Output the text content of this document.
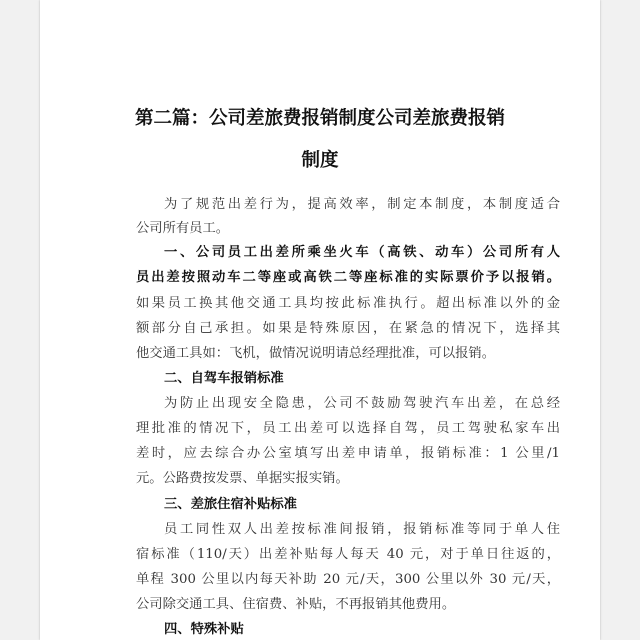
第二篇：公司差旅费报销制度公司差旅费报销
制度
为了规范出差行为，提高效率，制定本制度，本制度适合
公司所有员工。
一、公司员工出差所乘坐火车（高铁、动车）公司所有人
员出差按照动车二等座或高铁二等座标准的实际票价予以报销。
如果员工换其他交通工具均按此标准执行。超出标准以外的金
额部分自己承担。如果是特殊原因，在紧急的情况下，选择其
他交通工具如：飞机，做情况说明请总经理批准，可以报销。
二、自驾车报销标准
为防止出现安全隐患，公司不鼓励驾驶汽车出差，在总经
理批准的情况下，员工出差可以选择自驾，员工驾驶私家车出
差时，应去综合办公室填写出差申请单，报销标准：1 公里/1
元。公路费按发票、单据实报实销。
三、差旅住宿补贴标准
员工同性双人出差按标准间报销，报销标准等同于单人住
宿标准（110/天）出差补贴每人每天 40 元，对于单日往返的，
单程 300 公里以内每天补助 20 元/天，300 公里以外 30 元/天，
公司除交通工具、住宿费、补贴，不再报销其他费用。
四、特殊补贴
